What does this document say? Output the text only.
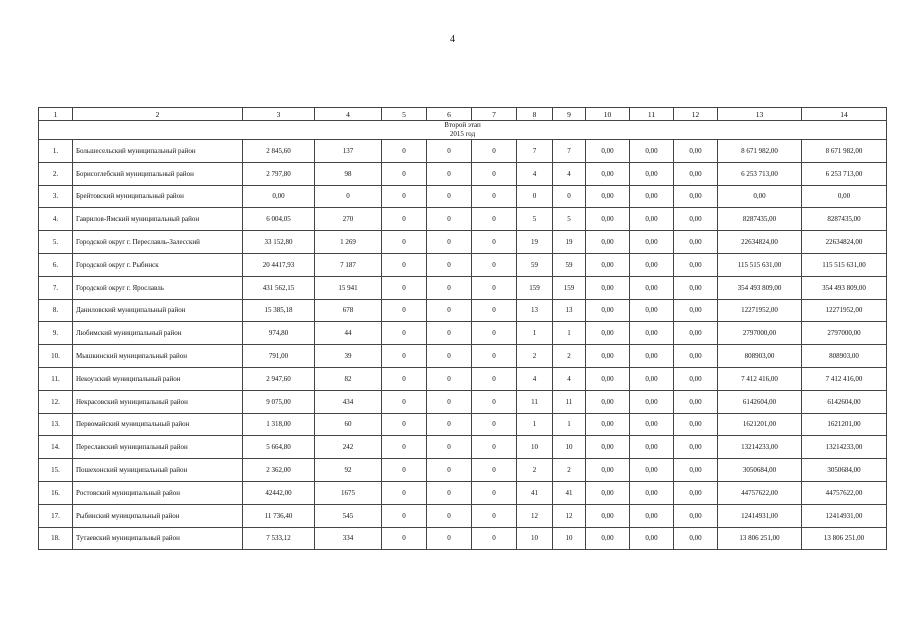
4
1	2	3	4	5	6	7	8	9	10	11	12	13	14
Второй этап													
2015 год													
1.	Большесельский муниципальный район	2 845,60	137	0	0	0	7	7	0,00	0,00	0,00	8 671 982,00	8 671 982,00
2.	Борисоглебский муниципальный район	2 797,80	98	0	0	0	4	4	0,00	0,00	0,00	6 253 713,00	6 253 713,00
3.	Брейтовский муниципальный район	0,00	0	0	0	0	0	0	0,00	0,00	0,00	0,00	0,00
4.	Гаврилов-Ямский муниципальный район	6 004,05	270	0	0	0	5	5	0,00	0,00	0,00	8287435,00	8287435,00
5.	Городской округ г. Переславль-Залесский	33 152,80	1 269	0	0	0	19	19	0,00	0,00	0,00	22634824,00	22634824,00
6.	Городской округ г. Рыбинск	20 4417,93	7 187	0	0	0	59	59	0,00	0,00	0,00	115 515 631,00	115 515 631,00
7.	Городской округ г. Ярославль	431 562,15	15 941	0	0	0	159	159	0,00	0,00	0,00	354 493 809,00	354 493 809,00
8.	Даниловский муниципальный район	15 385,18	678	0	0	0	13	13	0,00	0,00	0,00	12271952,00	12271952,00
9.	Любимский муниципальный район	974,80	44	0	0	0	1	1	0,00	0,00	0,00	2797000,00	2797000,00
10.	Мышкинский муниципальный район	791,00	39	0	0	0	2	2	0,00	0,00	0,00	808903,00	808903,00
11.	Некоузский муниципальный район	2 947,60	82	0	0	0	4	4	0,00	0,00	0,00	7 412 416,00	7 412 416,00
12.	Некрасовский муниципальный район	9 075,00	434	0	0	0	11	11	0,00	0,00	0,00	6142604,00	6142604,00
13.	Первомайский муниципальный район	1 318,00	60	0	0	0	1	1	0,00	0,00	0,00	1621201,00	1621201,00
14.	Переславский муниципальный район	5 664,80	242	0	0	0	10	10	0,00	0,00	0,00	13214233,00	13214233,00
15.	Пошехонский муниципальный район	2 362,00	92	0	0	0	2	2	0,00	0,00	0,00	3050684,00	3050684,00
16.	Ростовский муниципальный район	42442,00	1675	0	0	0	41	41	0,00	0,00	0,00	44757622,00	44757622,00
17.	Рыбинский муниципальный район	11 736,40	545	0	0	0	12	12	0,00	0,00	0,00	12414931,00	12414931,00
18.	Тутаевский муниципальный район	7 533,12	334	0	0	0	10	10	0,00	0,00	0,00	13 806 251,00	13 806 251,00
